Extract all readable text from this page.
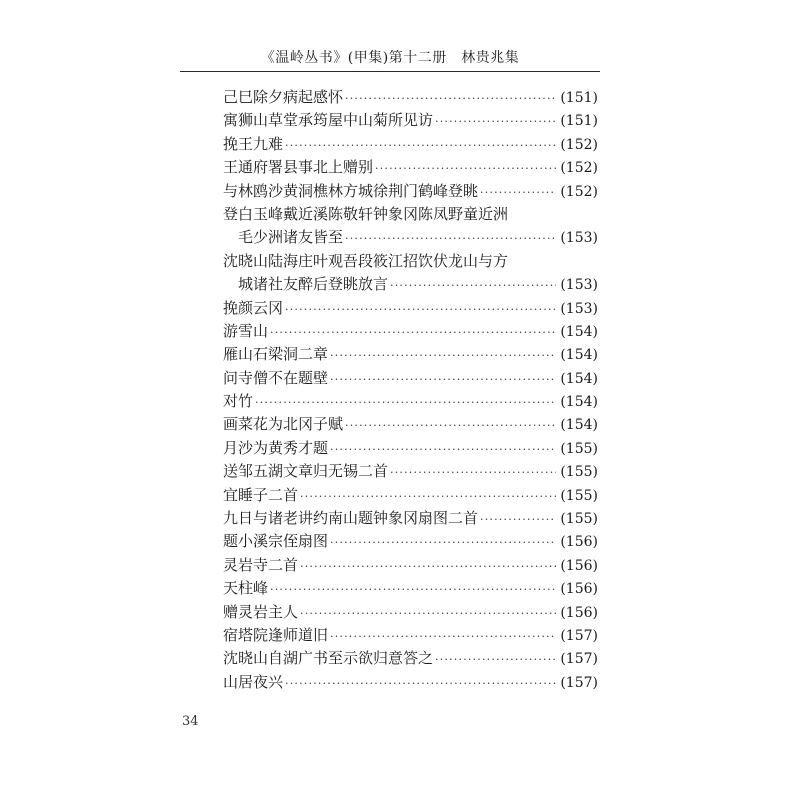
《温岭丛书》(甲集)第十二册　林贵兆集
己巳除夕病起感怀 ·····	(151)
寓狮山草堂承筠屋中山菊所见访 ·····	(151)
挽王九难 ·····	(152)
王通府署县事北上赠别 ·····	(152)
与林鸥沙黄洞樵林方城徐荆门鹤峰登眺 ·····	(152)
登白玉峰戴近溪陈敬轩钟象冈陈凤野童近洲
毛少洲诸友皆至 ·····	(153)
沈晓山陆海庄叶观吾段筱江招饮伏龙山与方
城诸社友醉后登眺放言 ·····	(153)
挽颜云冈 ·····	(153)
游雪山 ·····	(154)
雁山石梁洞二章 ·····	(154)
问寺僧不在题壁 ·····	(154)
对竹 ·····	(154)
画菜花为北冈子赋 ·····	(154)
月沙为黄秀才题 ·····	(155)
送邹五湖文章归无锡二首 ·····	(155)
宜睡子二首 ·····	(155)
九日与诸老讲约南山题钟象冈扇图二首 ·····	(155)
题小溪宗侄扇图 ·····	(156)
灵岩寺二首 ·····	(156)
天柱峰 ·····	(156)
赠灵岩主人 ·····	(156)
宿塔院逢师道旧 ·····	(157)
沈晓山自湖广书至示欲归意答之 ·····	(157)
山居夜兴 ·····	(157)
34
